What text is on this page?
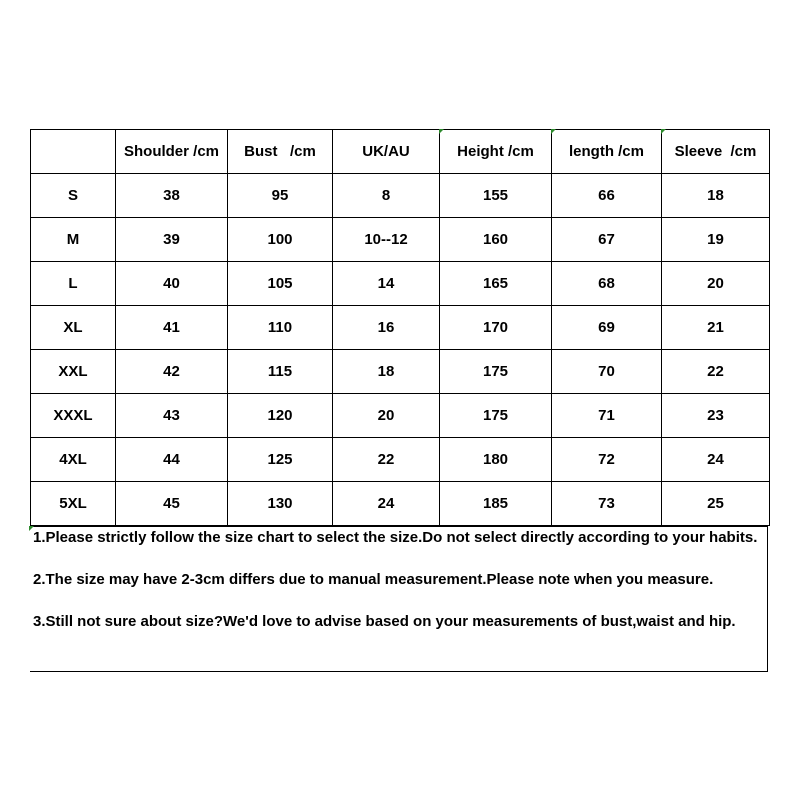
	Shoulder /cm	Bust   /cm	UK/AU	Height /cm	length /cm	Sleeve  /cm
S	38	95	8	155	66	18
M	39	100	10--12	160	67	19
L	40	105	14	165	68	20
XL	41	110	16	170	69	21
XXL	42	115	18	175	70	22
XXXL	43	120	20	175	71	23
4XL	44	125	22	180	72	24
5XL	45	130	24	185	73	25

1.Please strictly follow the size chart to select the size.Do not select directly according to your habits.

2.The size may have 2-3cm differs due to manual measurement.Please note when you measure.

3.Still not sure about size?We'd love to advise based on your measurements of bust,waist and hip.
